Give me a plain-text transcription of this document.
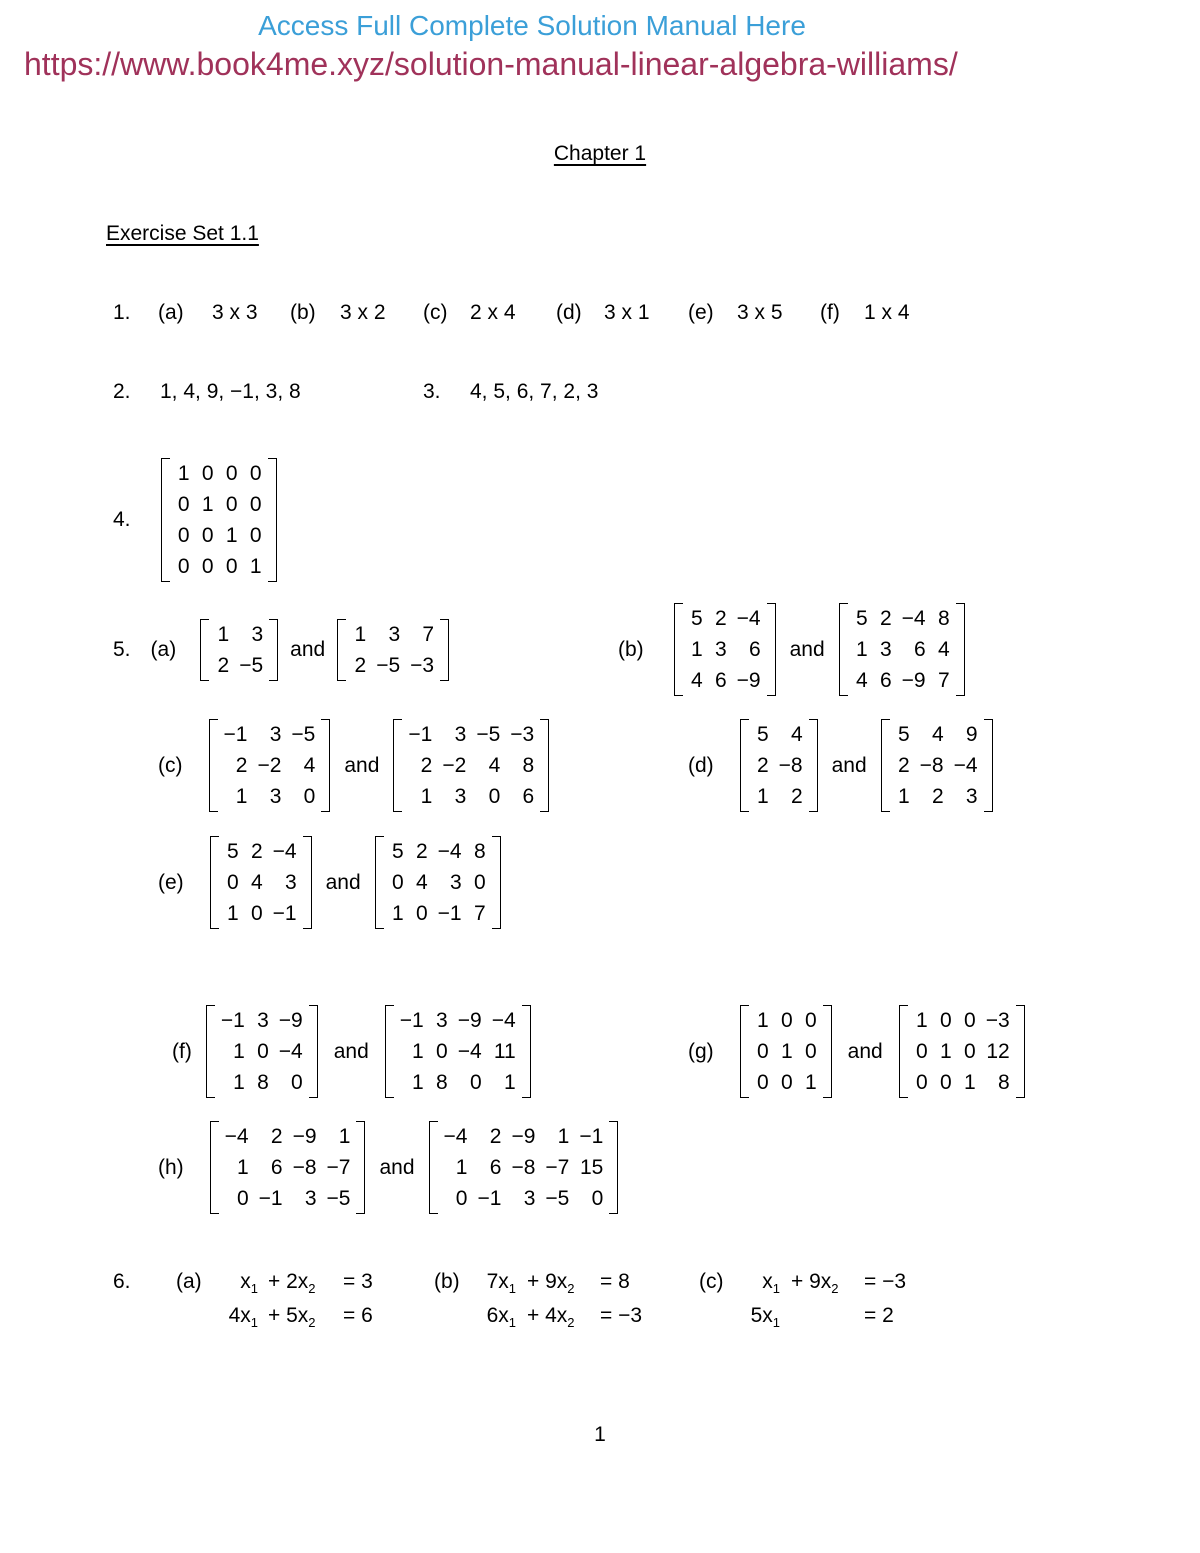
Access Full Complete Solution Manual Here
https://www.book4me.xyz/solution-manual-linear-algebra-williams/
Chapter 1
Exercise Set 1.1
1. (a) 3 x 3 (b) 3 x 2 (c) 2 x 4 (d) 3 x 1 (e) 3 x 5 (f) 1 x 4
2. 1, 4, 9, −1, 3, 8	3. 4, 5, 6, 7, 2, 3
4.
1 0 0 0
0 1 0 0
0 0 1 0
0 0 0 1
5. (a)
1	3
2 −5
and
1	3	7
2 −5 −3
(b)
5 2 −4
1 3	6
4 6 −9
and
5 2 −4 8
1 3	6 4
4 6 −9 7
(c)
−1	3 −5
2 −2	4
1	3	0
and
−1	3 −5 −3
2 −2	4	8
1	3	0	6
(d)
5	4
2 −8
1	2
and
5	4	9
2 −8 −4
1	2	3
(e)
5 2 −4
0 4	3
1 0 −1
and
5 2 −4 8
0 4	3 0
1 0 −1 7
(f)
−1 3 −9
1 0 −4
1 8	0
and
−1 3 −9 −4
1 0 −4 11
1 8	0	1
(g)
1 0 0
0 1 0
0 0 1
and
1 0 0 −3
0 1 0 12
0 0 1	8
(h)
−4	2 −9	1
1	6 −8 −7
0 −1	3 −5
and
−4	2 −9	1 −1
1	6 −8 −7 15
0 −1	3 −5	0
6. (a)	$x_1 + 2x_2 = 3$
$4x_1 + 5x_2 = 6$
(b)	$7x_1 + 9x_2 = 8$
$6x_1 + 4x_2 = -3$
(c)	$x_1 + 9x_2 = -3$
$5x_1$	= 2
1
